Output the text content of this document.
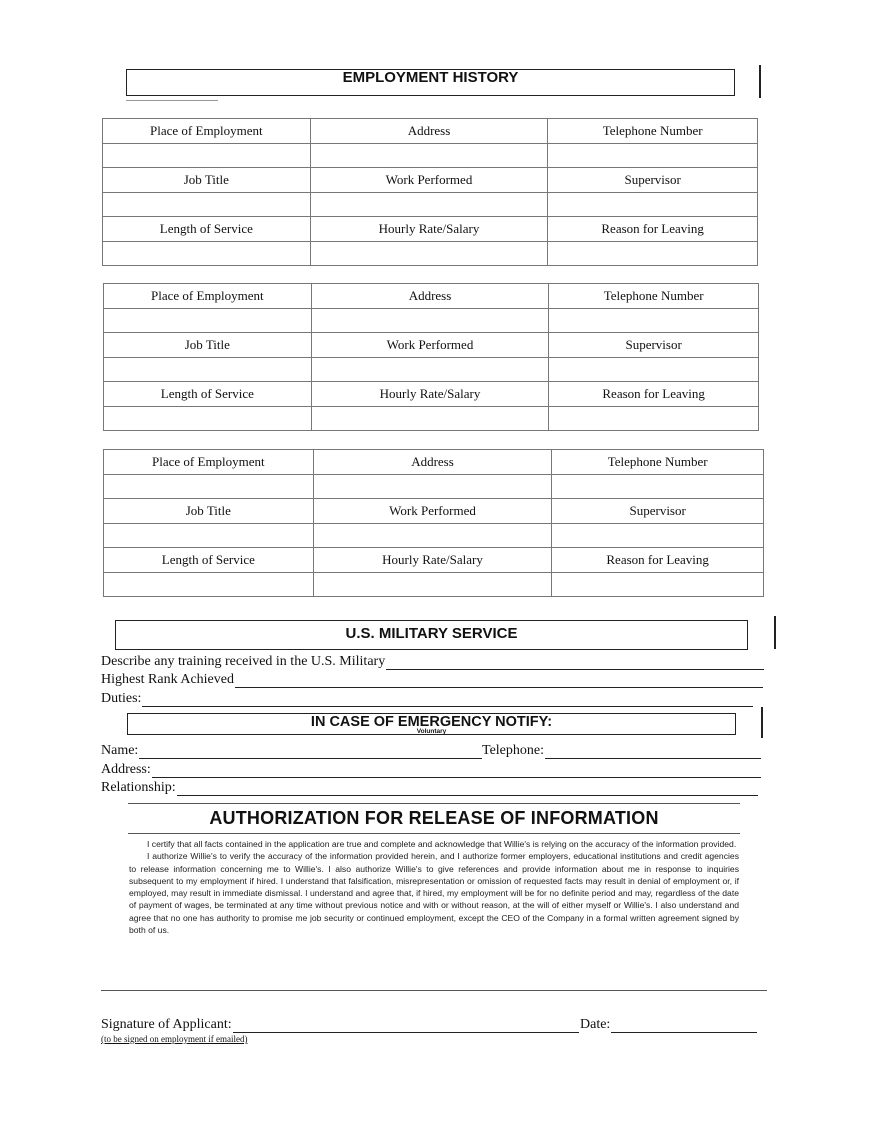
EMPLOYMENT HISTORY
Place of Employment	Address	Telephone Number

Job Title	Work Performed	Supervisor

Length of Service	Hourly Rate/Salary	Reason for Leaving

Place of Employment	Address	Telephone Number

Job Title	Work Performed	Supervisor

Length of Service	Hourly Rate/Salary	Reason for Leaving

Place of Employment	Address	Telephone Number

Job Title	Work Performed	Supervisor

Length of Service	Hourly Rate/Salary	Reason for Leaving

U.S. MILITARY SERVICE
Describe any training received in the U.S. Military
Highest Rank Achieved
Duties:
IN CASE OF EMERGENCY NOTIFY:
Voluntary
Name:	Telephone:
Address:
Relationship:
AUTHORIZATION FOR RELEASE OF INFORMATION

I certify that all facts contained in the application are true and complete and acknowledge that Willie's is relying on the accuracy of the information provided.

I authorize Willie's to verify the accuracy of the information provided herein, and I authorize former employers, educational institutions and credit agencies to release information concerning me to Willie's. I also authorize Willie's to give references and provide information about me in response to inquiries subsequent to my employment if hired. I understand that falsification, misrepresentation or omission of requested facts may result in denial of employment or, if employed, may result in immediate dismissal. I understand and agree that, if hired, my employment will be for no definite period and may, regardless of the date of payment of wages, be terminated at any time without previous notice and with or without reason, at the will of either myself or Willie's. I also understand and agree that no one has authority to promise me job security or continued employment, except the CEO of the Company in a formal written agreement signed by both of us.

Signature of Applicant:	Date:
(to be signed on employment if emailed)
